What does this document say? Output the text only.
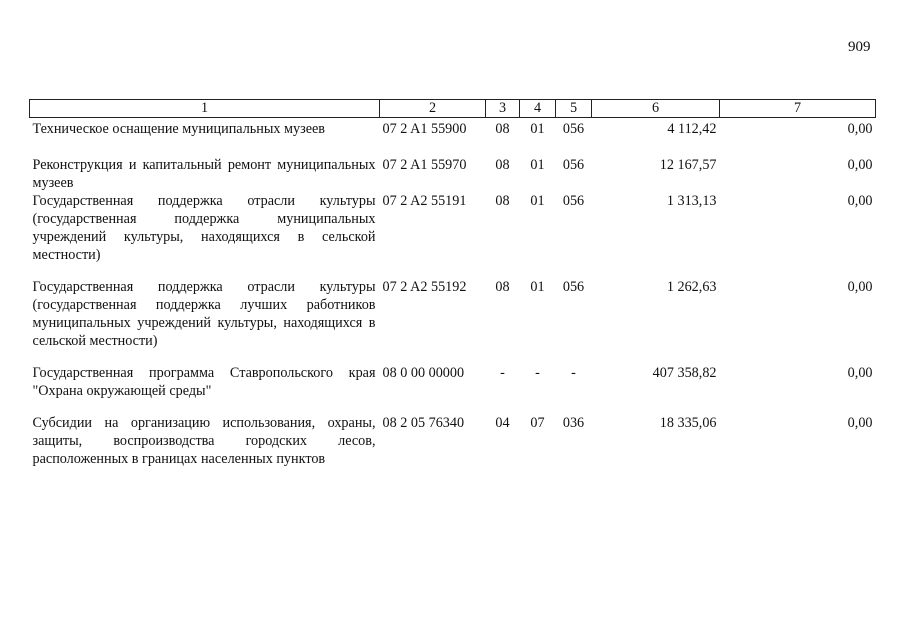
909
1	2	3	4	5	6	7
Техническое оснащение муниципальных музеев	07 2 A1 55900	08	01	056	4 112,42	0,00
Реконструкция и капитальный ремонт муниципальных музеев	07 2 A1 55970	08	01	056	12 167,57	0,00
Государственная поддержка отрасли культуры (государственная поддержка муниципальных учреждений культуры, находящихся в сельской местности)	07 2 A2 55191	08	01	056	1 313,13	0,00
Государственная поддержка отрасли культуры (государственная поддержка лучших работников муниципальных учреждений культуры, находящихся в сельской местности)	07 2 A2 55192	08	01	056	1 262,63	0,00
Государственная программа Ставропольского края "Охрана окружающей среды"	08 0 00 00000	-	-	-	407 358,82	0,00
Субсидии на организацию использования, охраны, защиты, воспроизводства городских лесов, расположенных в границах населенных пунктов	08 2 05 76340	04	07	036	18 335,06	0,00
